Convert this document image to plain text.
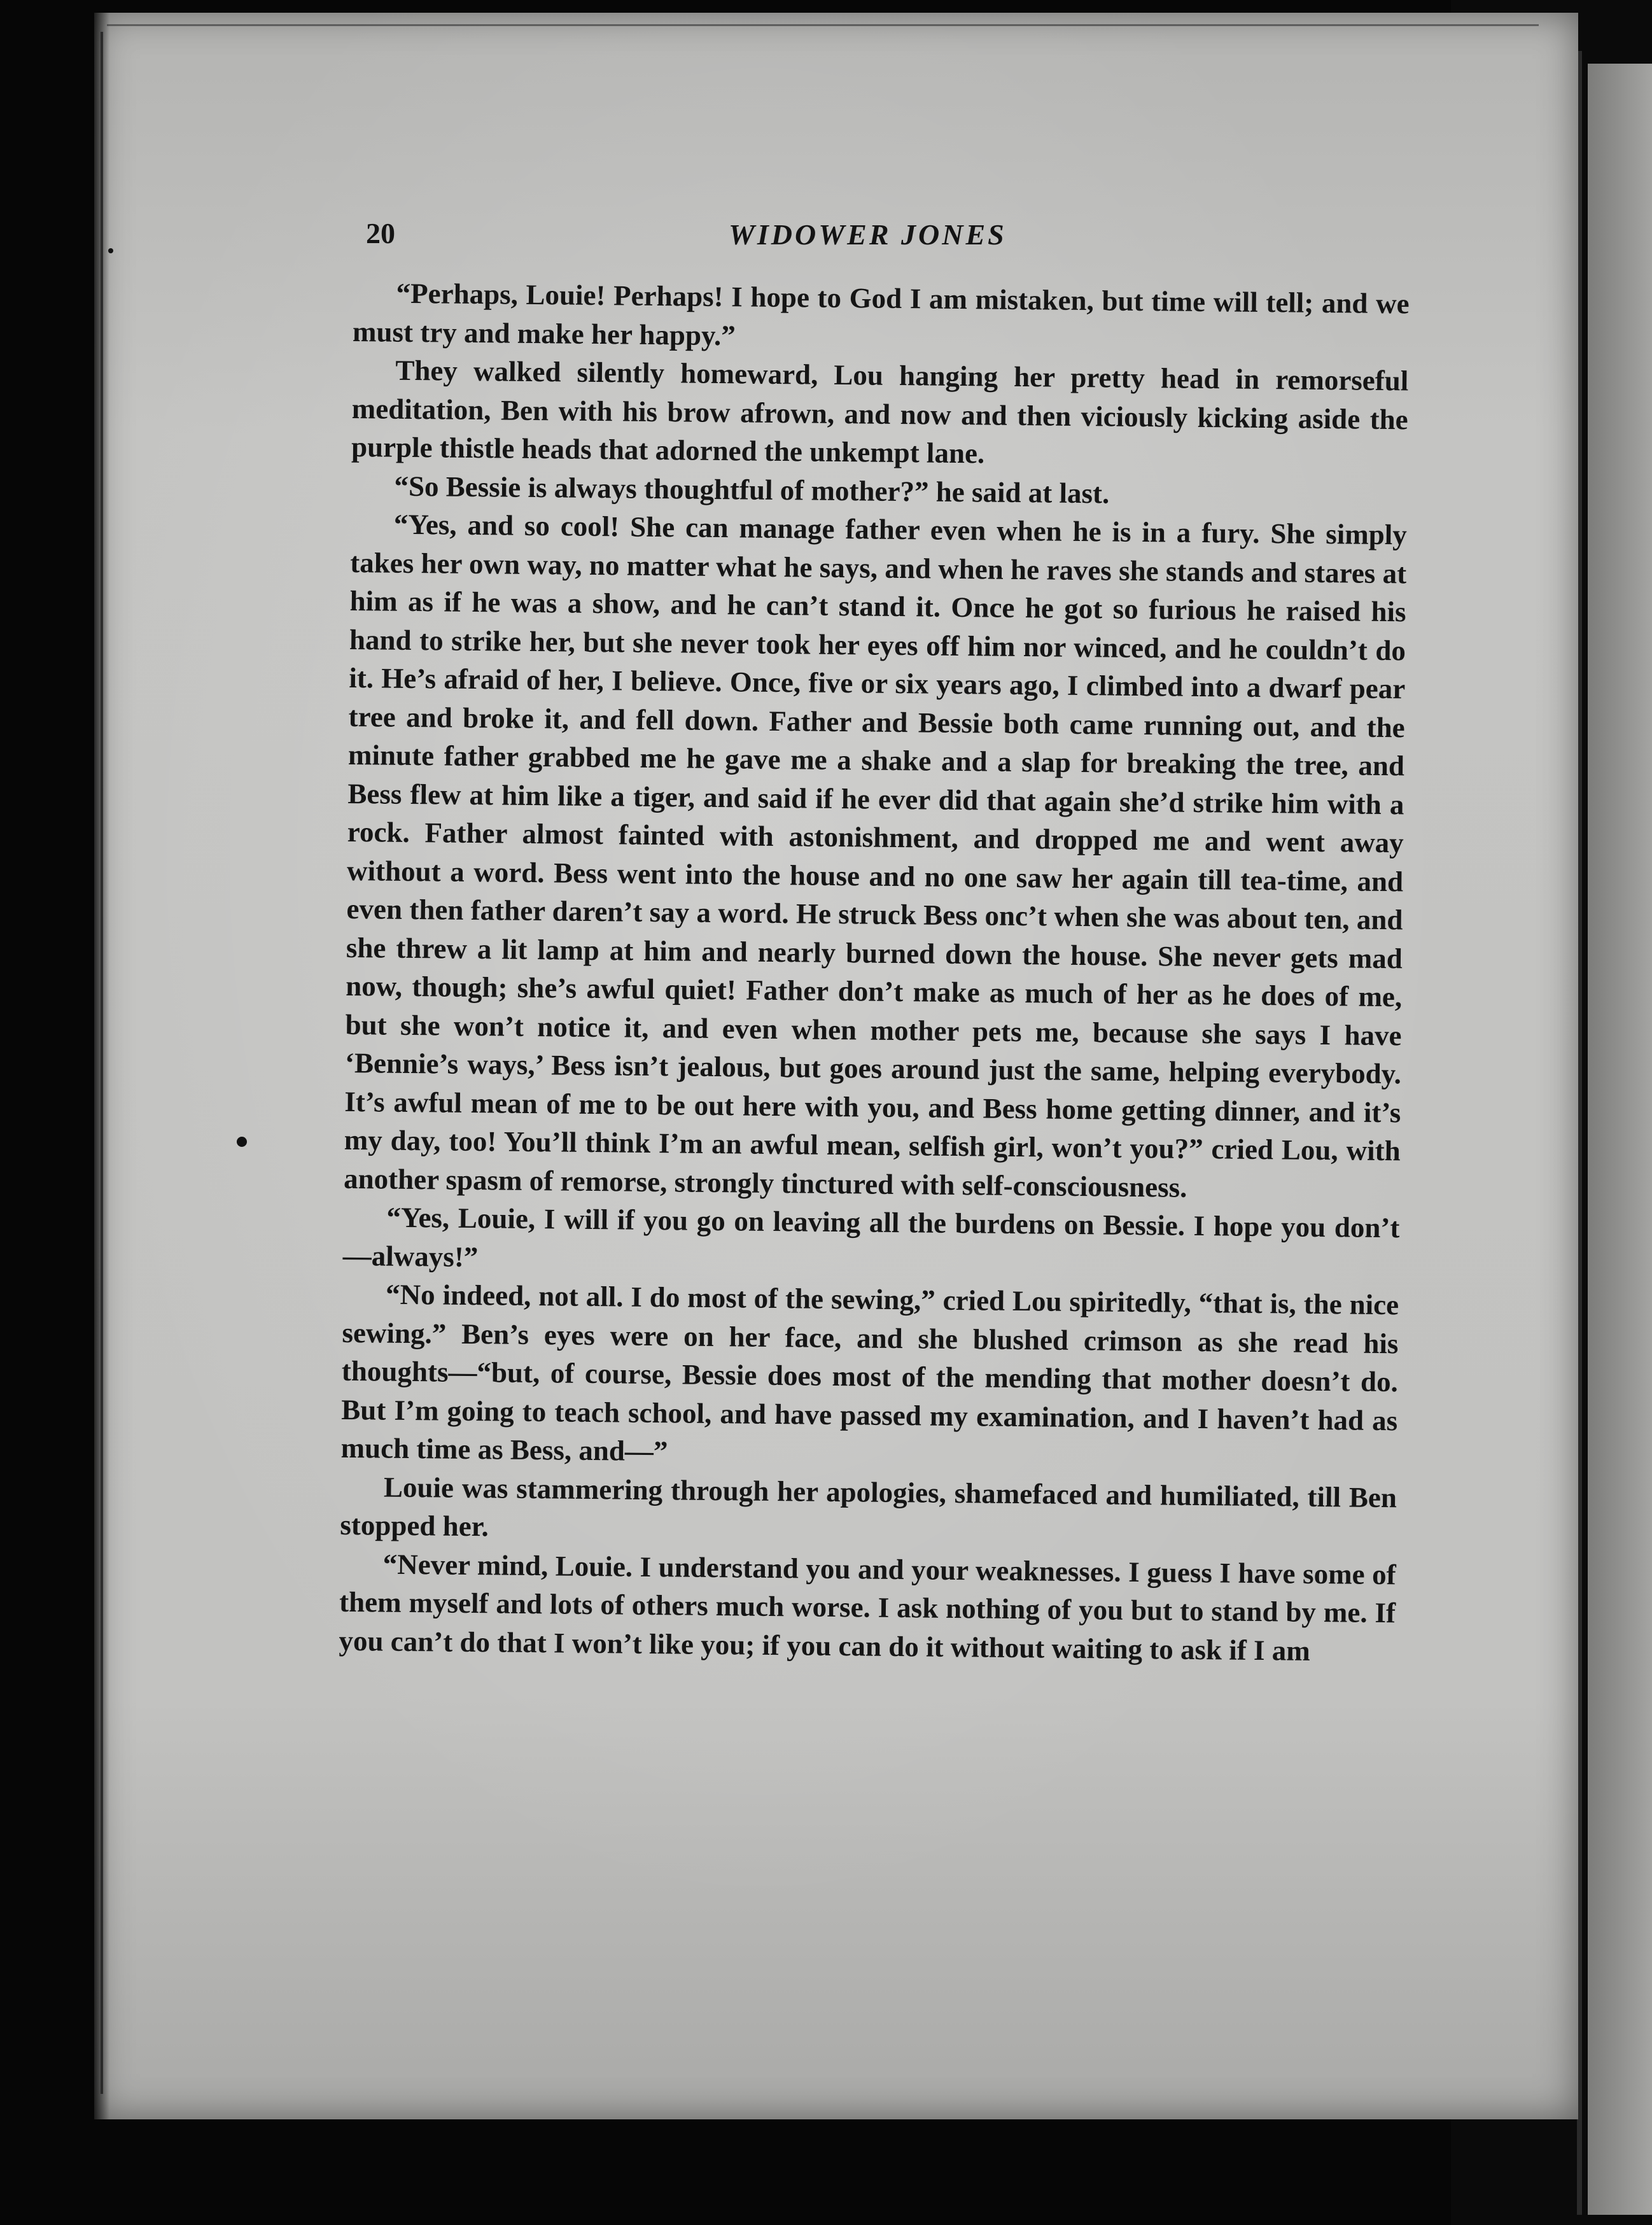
20	WIDOWER JONES

“Perhaps, Louie! Perhaps! I hope to God I am mistaken, but time will tell; and we must try and make her happy.”

They walked silently homeward, Lou hanging her pretty head in remorseful meditation, Ben with his brow afrown, and now and then viciously kicking aside the purple thistle heads that adorned the unkempt lane.

“So Bessie is always thoughtful of mother?” he said at last.

“Yes, and so cool! She can manage father even when he is in a fury. She simply takes her own way, no matter what he says, and when he raves she stands and stares at him as if he was a show, and he can’t stand it. Once he got so furious he raised his hand to strike her, but she never took her eyes off him nor winced, and he couldn’t do it. He’s afraid of her, I believe. Once, five or six years ago, I climbed into a dwarf pear tree and broke it, and fell down. Father and Bessie both came running out, and the minute father grabbed me he gave me a shake and a slap for breaking the tree, and Bess flew at him like a tiger, and said if he ever did that again she’d strike him with a rock. Father almost fainted with astonishment, and dropped me and went away without a word. Bess went into the house and no one saw her again till tea-time, and even then father daren’t say a word. He struck Bess onc’t when she was about ten, and she threw a lit lamp at him and nearly burned down the house. She never gets mad now, though; she’s awful quiet! Father don’t make as much of her as he does of me, but she won’t notice it, and even when mother pets me, because she says I have ‘Bennie’s ways,’ Bess isn’t jealous, but goes around just the same, helping everybody. It’s awful mean of me to be out here with you, and Bess home getting dinner, and it’s my day, too! You’ll think I’m an awful mean, selfish girl, won’t you?” cried Lou, with another spasm of remorse, strongly tinctured with self-consciousness.

“Yes, Louie, I will if you go on leaving all the burdens on Bessie. I hope you don’t—always!”

“No indeed, not all. I do most of the sewing,” cried Lou spiritedly, “that is, the nice sewing.” Ben’s eyes were on her face, and she blushed crimson as she read his thoughts—“but, of course, Bessie does most of the mending that mother doesn’t do. But I’m going to teach school, and have passed my examination, and I haven’t had as much time as Bess, and—”

Louie was stammering through her apologies, shamefaced and humiliated, till Ben stopped her.

“Never mind, Louie. I understand you and your weaknesses. I guess I have some of them myself and lots of others much worse. I ask nothing of you but to stand by me. If you can’t do that I won’t like you; if you can do it without waiting to ask if I am
